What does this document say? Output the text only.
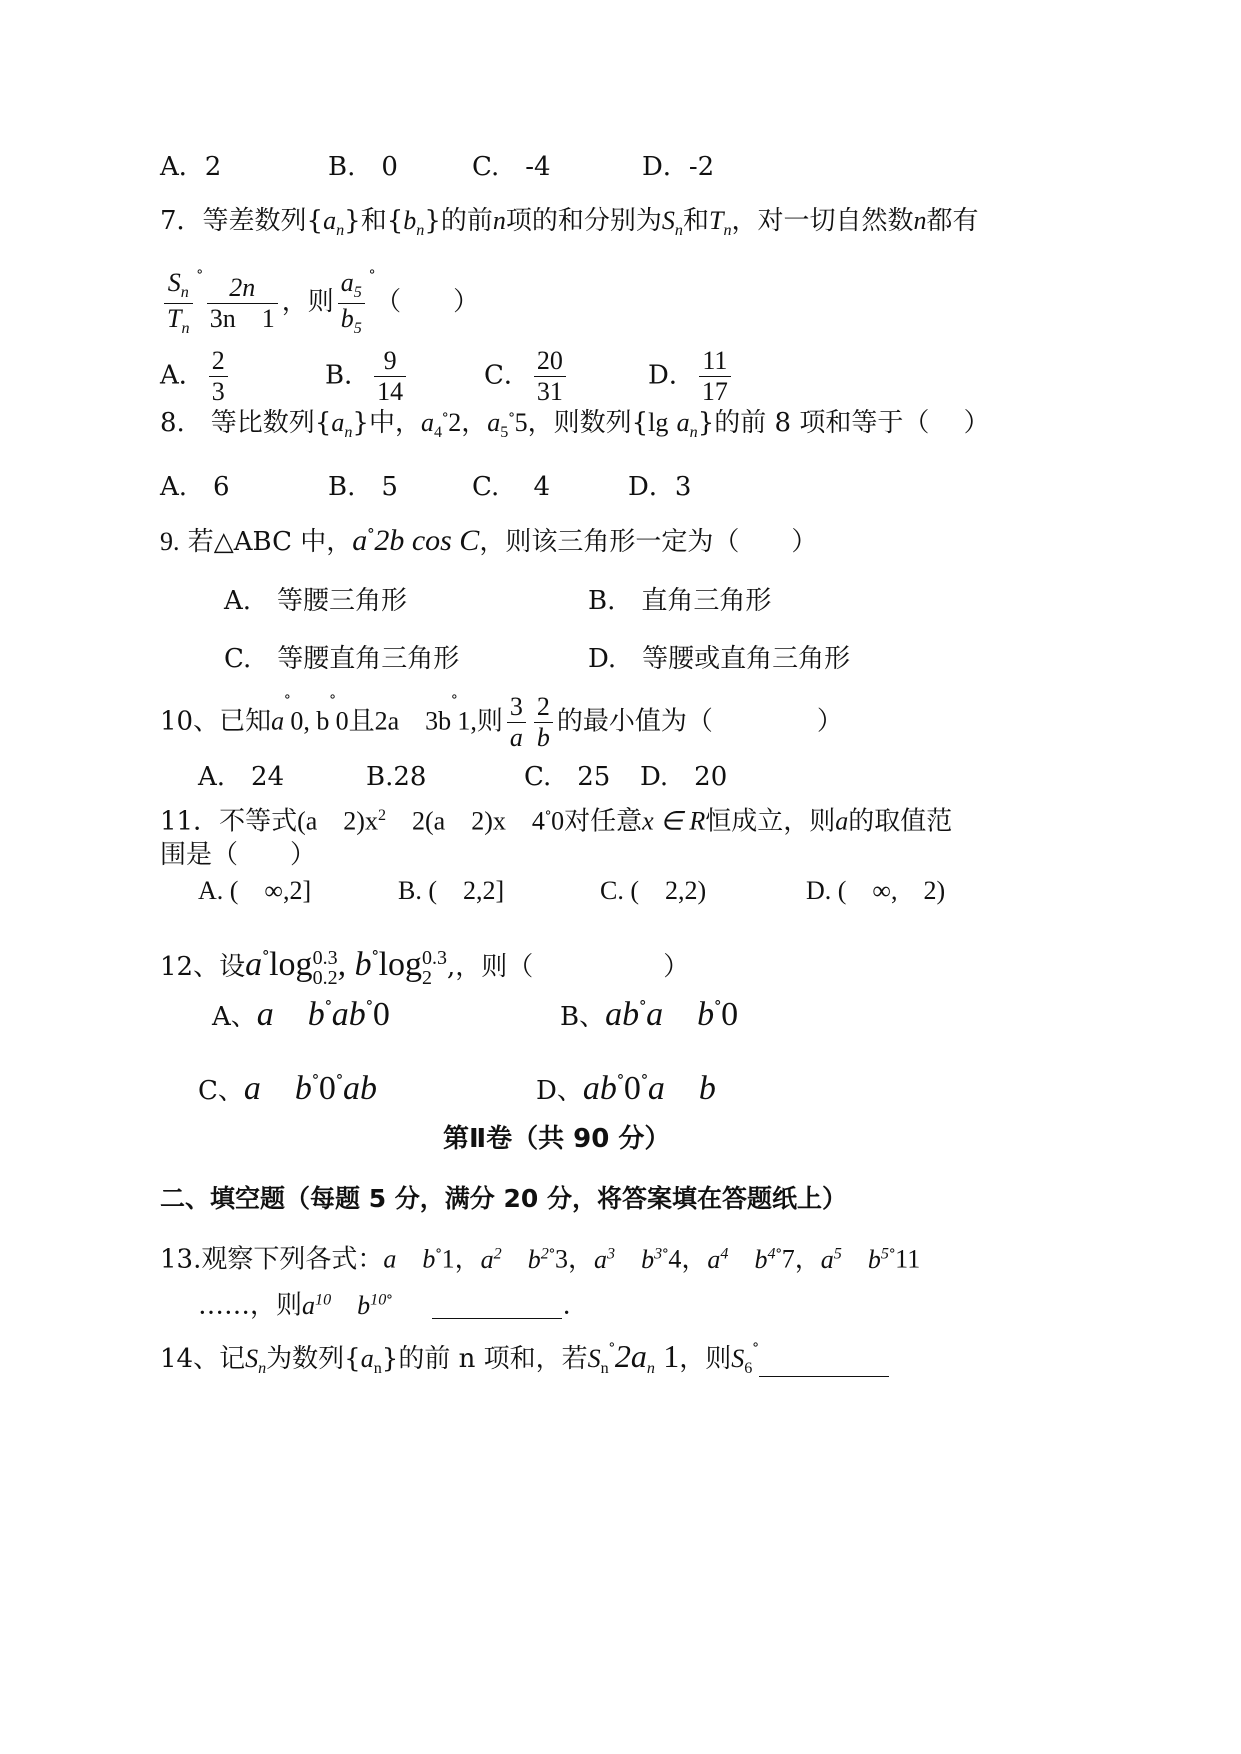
A．2	B.　0	C.　-4	D．-2
7．等差数列$\{a_n\}$和$\{b_n\}$的前n项的和分别为$S_n$和$T_n$，对一切自然数n都有
$\frac{S_n}{T_n} ^ᐤ \frac{2n}{3n 1}$ ，则 $\frac{a_5}{b_5} ^ᐤ$（　　）
A． $\frac{2}{3}$	B． $\frac{9}{14}$	C． $\frac{20}{31}$	D． $\frac{11}{17}$
8.　等比数列$\{a_n\}$中，$a_4^ᐤ2$，$a_5^ᐤ5$，则数列{lg $a_n$}的前 8 项和等于（　 ）
A.　6	B.　5	C.　 4	D．3
9. 若△ABC 中，$a^ᐤ2b$ cos C，则该三角形一定为（　　）
A.　等腰三角形	B.　直角三角形
C.　等腰直角三角形	D.　等腰或直角三角形
10、已知$a^ᐤ0$, $b^ᐤ0$且2a　$3b^ᐤ1$,则 $\frac{3}{a} \frac{2}{b}$ 的最小值为（　　　　）
A.　24	B.28	C.　25 D.　20
11．不等式(a　$2)x^2$　2(a　2)x　$4^ᐤ0$对任意x ∈ R恒成立，则a的取值范
围是（　　）
A. (　∞,2]	B. (　2,2]	C. (　2,2)	D. (　∞,　2)
12、设$a^ᐤ\log$ 0.3
0.2 , $b^ᐤ\log$ 0.3
2 ,，则（　　　　　）
A、a　$b^ᐤab^ᐤ0$	B、$ab^ᐤa$　$b^ᐤ0$
C、a　$b^ᐤ0^ᐤab$	D、$ab^ᐤ0^ᐤa$　b
第Ⅱ卷（共 90 分）
二、填空题（每题 5 分，满分 20 分，将答案填在答题纸上）
13.观察下列各式：a　$b^ᐤ1$，$a^2$　$b^{2ᐤ}3$，$a^3$　$b^{3ᐤ}4$，$a^4$　$b^{4ᐤ}7$，$a^5$　$b^{5ᐤ}11$
……，则$a^{10}$　$b^{10ᐤ}$	.
14、记$S_n$为数列$\{a_n\}$的前 n 项和，若$S_n^ᐤ2a_n$ 1，则$S_6^ᐤ$
